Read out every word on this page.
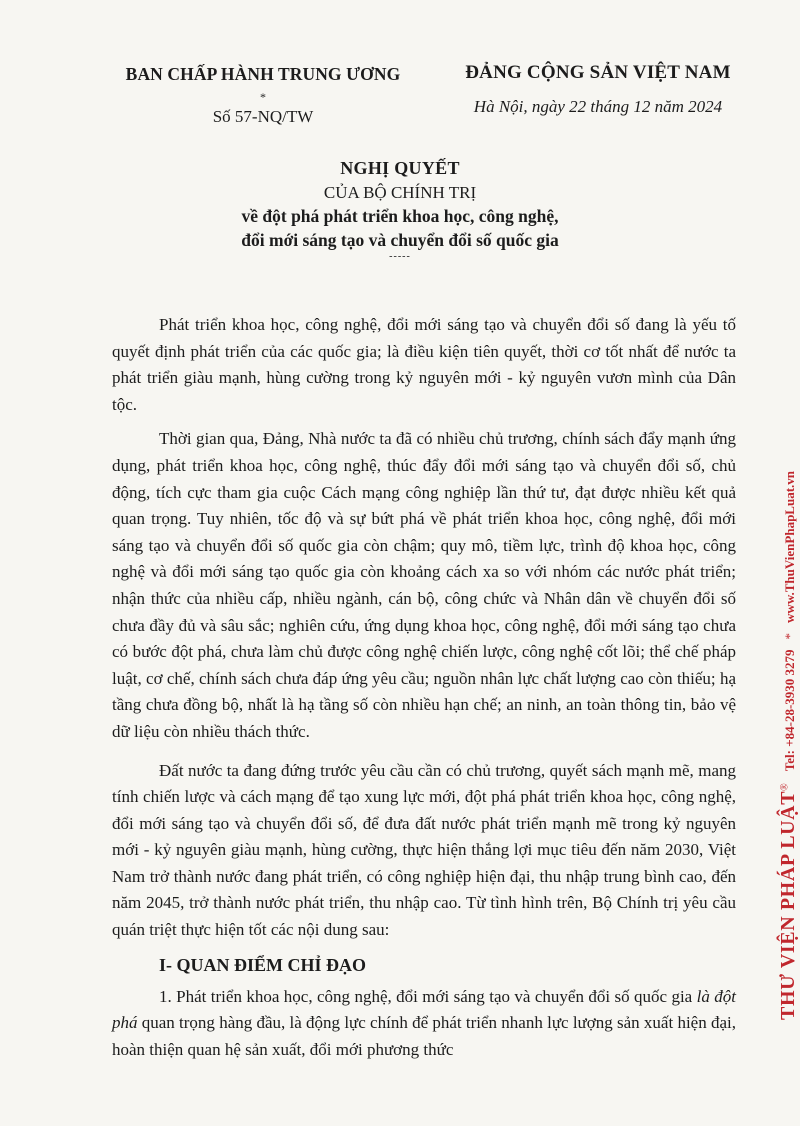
BAN CHẤP HÀNH TRUNG ƯƠNG
*
Số 57-NQ/TW
ĐẢNG CỘNG SẢN VIỆT NAM
Hà Nội, ngày 22 tháng 12 năm 2024
NGHỊ QUYẾT
CỦA BỘ CHÍNH TRỊ
về đột phá phát triển khoa học, công nghệ,
đổi mới sáng tạo và chuyển đổi số quốc gia
-----

Phát triển khoa học, công nghệ, đổi mới sáng tạo và chuyển đổi số đang là yếu tố quyết định phát triển của các quốc gia; là điều kiện tiên quyết, thời cơ tốt nhất để nước ta phát triển giàu mạnh, hùng cường trong kỷ nguyên mới - kỷ nguyên vươn mình của Dân tộc.

Thời gian qua, Đảng, Nhà nước ta đã có nhiều chủ trương, chính sách đẩy mạnh ứng dụng, phát triển khoa học, công nghệ, thúc đẩy đổi mới sáng tạo và chuyển đổi số, chủ động, tích cực tham gia cuộc Cách mạng công nghiệp lần thứ tư, đạt được nhiều kết quả quan trọng. Tuy nhiên, tốc độ và sự bứt phá về phát triển khoa học, công nghệ, đổi mới sáng tạo và chuyển đổi số quốc gia còn chậm; quy mô, tiềm lực, trình độ khoa học, công nghệ và đổi mới sáng tạo quốc gia còn khoảng cách xa so với nhóm các nước phát triển; nhận thức của nhiều cấp, nhiều ngành, cán bộ, công chức và Nhân dân về chuyển đổi số chưa đầy đủ và sâu sắc; nghiên cứu, ứng dụng khoa học, công nghệ, đổi mới sáng tạo chưa có bước đột phá, chưa làm chủ được công nghệ chiến lược, công nghệ cốt lõi; thể chế pháp luật, cơ chế, chính sách chưa đáp ứng yêu cầu; nguồn nhân lực chất lượng cao còn thiếu; hạ tầng chưa đồng bộ, nhất là hạ tầng số còn nhiều hạn chế; an ninh, an toàn thông tin, bảo vệ dữ liệu còn nhiều thách thức.

Đất nước ta đang đứng trước yêu cầu cần có chủ trương, quyết sách mạnh mẽ, mang tính chiến lược và cách mạng để tạo xung lực mới, đột phá phát triển khoa học, công nghệ, đổi mới sáng tạo và chuyển đổi số, để đưa đất nước phát triển mạnh mẽ trong kỷ nguyên mới - kỷ nguyên giàu mạnh, hùng cường, thực hiện thắng lợi mục tiêu đến năm 2030, Việt Nam trở thành nước đang phát triển, có công nghiệp hiện đại, thu nhập trung bình cao, đến năm 2045, trở thành nước phát triển, thu nhập cao. Từ tình hình trên, Bộ Chính trị yêu cầu quán triệt thực hiện tốt các nội dung sau:

I- QUAN ĐIỂM CHỈ ĐẠO

1. Phát triển khoa học, công nghệ, đổi mới sáng tạo và chuyển đổi số quốc gia là đột phá quan trọng hàng đầu, là động lực chính để phát triển nhanh lực lượng sản xuất hiện đại, hoàn thiện quan hệ sản xuất, đổi mới phương thức

THƯ VIỆN PHÁP LUẬT® Tel: +84-28-3930 3279 * www.ThuVienPhapLuat.vn
